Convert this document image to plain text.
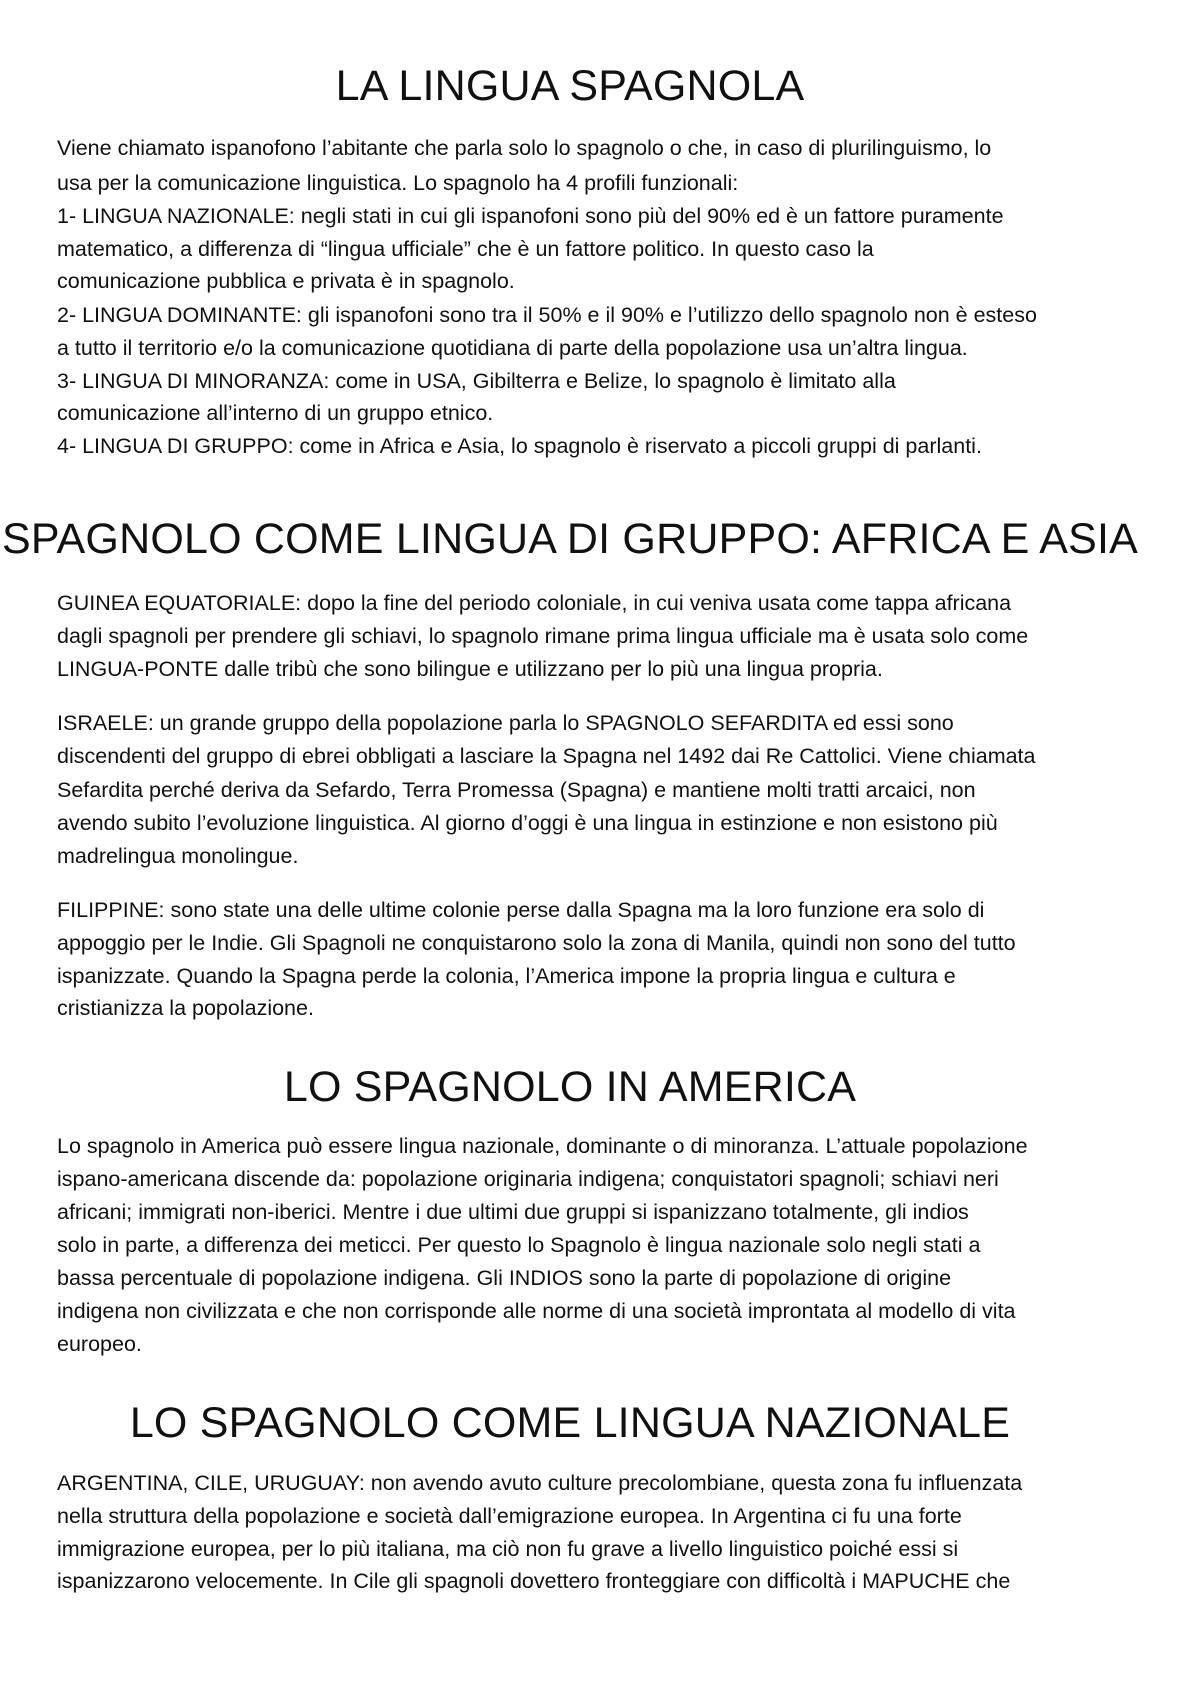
LA LINGUA SPAGNOLA

Viene chiamato ispanofono l’abitante che parla solo lo spagnolo o che, in caso di plurilinguismo, lo

usa per la comunicazione linguistica. Lo spagnolo ha 4 profili funzionali:

1- LINGUA NAZIONALE: negli stati in cui gli ispanofoni sono più del 90% ed è un fattore puramente

matematico, a differenza di “lingua ufficiale” che è un fattore politico. In questo caso la

comunicazione pubblica e privata è in spagnolo.

2- LINGUA DOMINANTE: gli ispanofoni sono tra il 50% e il 90% e l’utilizzo dello spagnolo non è esteso

a tutto il territorio e/o la comunicazione quotidiana di parte della popolazione usa un’altra lingua.

3- LINGUA DI MINORANZA: come in USA, Gibilterra e Belize, lo spagnolo è limitato alla

comunicazione all’interno di un gruppo etnico.

4- LINGUA DI GRUPPO: come in Africa e Asia, lo spagnolo è riservato a piccoli gruppi di parlanti.

SPAGNOLO COME LINGUA DI GRUPPO: AFRICA E ASIA

GUINEA EQUATORIALE: dopo la fine del periodo coloniale, in cui veniva usata come tappa africana

dagli spagnoli per prendere gli schiavi, lo spagnolo rimane prima lingua ufficiale ma è usata solo come

LINGUA-PONTE dalle tribù che sono bilingue e utilizzano per lo più una lingua propria.

ISRAELE: un grande gruppo della popolazione parla lo SPAGNOLO SEFARDITA ed essi sono

discendenti del gruppo di ebrei obbligati a lasciare la Spagna nel 1492 dai Re Cattolici. Viene chiamata

Sefardita perché deriva da Sefardo, Terra Promessa (Spagna) e mantiene molti tratti arcaici, non

avendo subito l’evoluzione linguistica. Al giorno d’oggi è una lingua in estinzione e non esistono più

madrelingua monolingue.

FILIPPINE: sono state una delle ultime colonie perse dalla Spagna ma la loro funzione era solo di

appoggio per le Indie. Gli Spagnoli ne conquistarono solo la zona di Manila, quindi non sono del tutto

ispanizzate. Quando la Spagna perde la colonia, l’America impone la propria lingua e cultura e

cristianizza la popolazione.

LO SPAGNOLO IN AMERICA

Lo spagnolo in America può essere lingua nazionale, dominante o di minoranza. L’attuale popolazione

ispano-americana discende da: popolazione originaria indigena; conquistatori spagnoli; schiavi neri

africani; immigrati non-iberici. Mentre i due ultimi due gruppi si ispanizzano totalmente, gli indios

solo in parte, a differenza dei meticci. Per questo lo Spagnolo è lingua nazionale solo negli stati a

bassa percentuale di popolazione indigena. Gli INDIOS sono la parte di popolazione di origine

indigena non civilizzata e che non corrisponde alle norme di una società improntata al modello di vita

europeo.

LO SPAGNOLO COME LINGUA NAZIONALE

ARGENTINA, CILE, URUGUAY: non avendo avuto culture precolombiane, questa zona fu influenzata

nella struttura della popolazione e società dall’emigrazione europea. In Argentina ci fu una forte

immigrazione europea, per lo più italiana, ma ciò non fu grave a livello linguistico poiché essi si

ispanizzarono velocemente. In Cile gli spagnoli dovettero fronteggiare con difficoltà i MAPUCHE che
